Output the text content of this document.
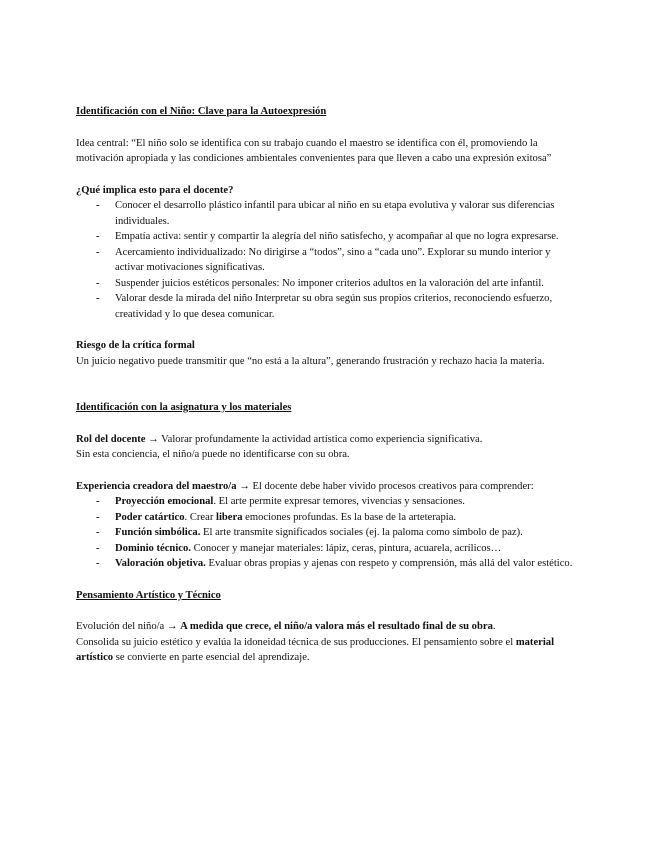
Identificación con el Niño: Clave para la Autoexpresión

Idea central: “El niño solo se identifica con su trabajo cuando el maestro se identifica con él, promoviendo la motivación apropiada y las condiciones ambientales convenientes para que lleven a cabo una expresión exitosa”

¿Qué implica esto para el docente?

- Conocer el desarrollo plástico infantil para ubicar al niño en su etapa evolutiva y valorar sus diferencias individuales.
- Empatía activa: sentir y compartir la alegría del niño satisfecho, y acompañar al que no logra expresarse.
- Acercamiento individualizado: No dirigirse a “todos”, sino a “cada uno”. Explorar su mundo interior y activar motivaciones significativas.
- Suspender juicios estéticos personales: No imponer criterios adultos en la valoración del arte infantil.
- Valorar desde la mirada del niño Interpretar su obra según sus propios criterios, reconociendo esfuerzo, creatividad y lo que desea comunicar.

Riesgo de la crítica formal

Un juicio negativo puede transmitir que “no está a la altura”, generando frustración y rechazo hacia la materia.

Identificación con la asignatura y los materiales

Rol del docente → Valorar profundamente la actividad artística como experiencia significativa.

Sin esta conciencia, el niño/a puede no identificarse con su obra.

Experiencia creadora del maestro/a → El docente debe haber vivido procesos creativos para comprender:

- Proyección emocional. El arte permite expresar temores, vivencias y sensaciones.
- Poder catártico. Crear libera emociones profundas. Es la base de la arteterapia.
- Función simbólica. El arte transmite significados sociales (ej. la paloma como símbolo de paz).
- Dominio técnico. Conocer y manejar materiales: lápiz, ceras, pintura, acuarela, acrílicos…
- Valoración objetiva. Evaluar obras propias y ajenas con respeto y comprensión, más allá del valor estético.

Pensamiento Artístico y Técnico

Evolución del niño/a → A medida que crece, el niño/a valora más el resultado final de su obra.

Consolida su juicio estético y evalúa la idoneidad técnica de sus producciones. El pensamiento sobre el material artístico se convierte en parte esencial del aprendizaje.
